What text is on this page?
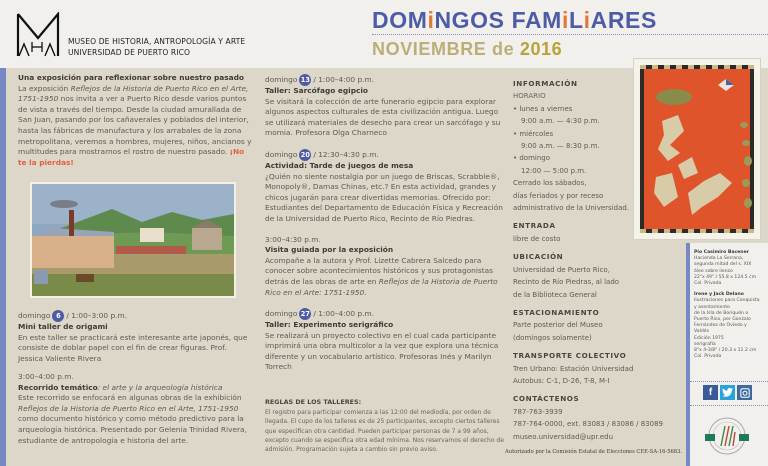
MUSEO DE HISTORIA, ANTROPOLOGÍA Y ARTE
UNIVERSIDAD DE PUERTO RICO
DOMiNGOS FAMiLiARES
NOVIEMBRE de 2016
Una exposición para reflexionar sobre nuestro pasado
La exposición Reflejos de la Historia de Puerto Rico en el Arte, 1751-1950 nos invita a ver a Puerto Rico desde varios puntos de vista a través del tiempo. Desde la ciudad amurallada de San Juan, pasando por los cañaverales y poblados del interior, hasta las fábricas de manufactura y los arrabales de la zona metropolitana, veremos a hombres, mujeres, niños, ancianos y multitudes para mostrarnos el rostro de nuestro pasado. ¡No te la pierdas!
domingo 6 / 1:00–3:00 p.m.
Mini taller de origami
En este taller se practicará este interesante arte japonés, que consiste de doblar papel con el fin de crear figuras. Prof. Jessica Valiente Rivera
3:00–4:00 p.m.
Recorrido temático: el arte y la arqueología histórica
Este recorrido se enfocará en algunas obras de la exhibición Reflejos de la Historia de Puerto Rico en el Arte, 1751-1950 como documento histórico y como método predictivo para la arqueología histórica. Presentado por Gelenia Trinidad Rivera, estudiante de antropología e historia del arte.
domingo 13 / 1:00–4:00 p.m.
Taller: Sarcófago egipcio
Se visitará la colección de arte funerario egipcio para explorar algunos aspectos culturales de esta civilización antigua. Luego se utilizará materiales de desecho para crear un sarcófago y su momia. Profesora Olga Charneco
domingo 20 / 12:30–4:30 p.m.
Actividad: Tarde de juegos de mesa
¿Quién no siente nostalgia por un juego de Briscas, Scrabble®, Monopoly®, Damas Chinas, etc.? En esta actividad, grandes y chicos jugarán para crear divertidas memorias. Ofrecido por: Estudiantes del Departamento de Educación Física y Recreación de la Universidad de Puerto Rico, Recinto de Río Piedras.
3:00–4:30 p.m.
Visita guiada por la exposición
Acompañe a la autora y Prof. Lizette Cabrera Salcedo para conocer sobre acontecimientos históricos y sus protagonistas detrás de las obras de arte en Reflejos de la Historia de Puerto Rico en el Arte: 1751-1950.
domingo 27 / 1:00–4:00 p.m.
Taller: Experimento serigráfico
Se realizará un proyecto colectivo en el cual cada participante imprimirá una obra multicolor a la vez que explora una técnica diferente y un vocabulario artístico. Profesoras Inés y Marilyn Torrech
REGLAS DE LOS TALLERES:
El registro para participar comienza a las 12:00 del mediodía, por orden de llegada. El cupo de los talleres es de 25 participantes, excepto ciertos talleres que especifican otra cantidad. Pueden participar personas de 7 a 99 años, excepto cuando se especifica otra edad mínima. Nos reservamos el derecho de admisión. Programación sujeta a cambio sin previo aviso.
INFORMACIÓN
HORARIO
• lunes a viernes
9:00 a.m. — 4:30 p.m.
• miércoles
9:00 a.m. — 8:30 p.m.
• domingo
12:00 — 5:00 p.m.
Cerrado los sábados,
días feriados y por receso
administrativo de la Universidad.
ENTRADA
libre de costo
UBICACIÓN
Universidad de Puerto Rico,
Recinto de Río Piedras, al lado
de la Biblioteca General
ESTACIONAMIENTO
Parte posterior del Museo
(domingos solamente)
TRANSPORTE COLECTIVO
Tren Urbano: Estación Universidad
Autobus: C-1, D-26, T-8, M-I
CONTÁCTENOS
787-763-3939
787-764-0000, ext. 83083 / 83086 / 83089
museo.universidad@upr.edu
Autorizado por la Comisión Estatal de Elecciones CEE-SA-16-5683.
Pío Casimiro Bacener
Hacienda La Serrana,
segunda mitad del s. XIX
óleo sobre lienzo
22"x 49" / 55.8 x 124.5 cm
Col. Privada
Irene y Jack Delano
Ilustraciones para Conquista
y asentamiento
de la Isla de Boriquén o
Puerto Rico, por Gonzalo
Fernández de Oviedo y
Valdés
Edición 1975
serigrafía
8"x 4-3/8" / 20.3 x 11.2 cm
Col. Privada
f
